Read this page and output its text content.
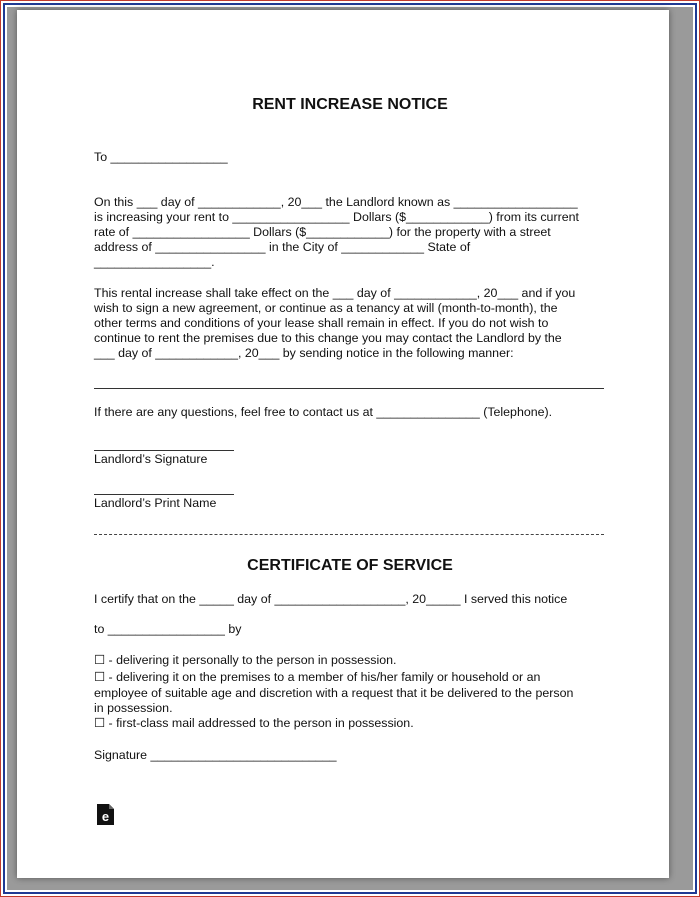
RENT INCREASE NOTICE
To _________________
On this ___ day of ____________, 20___ the Landlord known as __________________
is increasing your rent to _________________ Dollars ($____________) from its current
rate of _________________ Dollars ($____________) for the property with a street
address of ________________ in the City of ____________ State of
_________________.
This rental increase shall take effect on the ___ day of ____________, 20___ and if you
wish to sign a new agreement, or continue as a tenancy at will (month-to-month), the
other terms and conditions of your lease shall remain in effect. If you do not wish to
continue to rent the premises due to this change you may contact the Landlord by the
___ day of ____________, 20___ by sending notice in the following manner:
If there are any questions, feel free to contact us at _______________ (Telephone).
Landlord’s Signature
Landlord’s Print Name
CERTIFICATE OF SERVICE
I certify that on the _____ day of ___________________, 20_____ I served this notice
to _________________ by
☐ - delivering it personally to the person in possession.
☐ - delivering it on the premises to a member of his/her family or household or an
employee of suitable age and discretion with a request that it be delivered to the person
in possession.
☐ - first-class mail addressed to the person in possession.
Signature ___________________________
e
